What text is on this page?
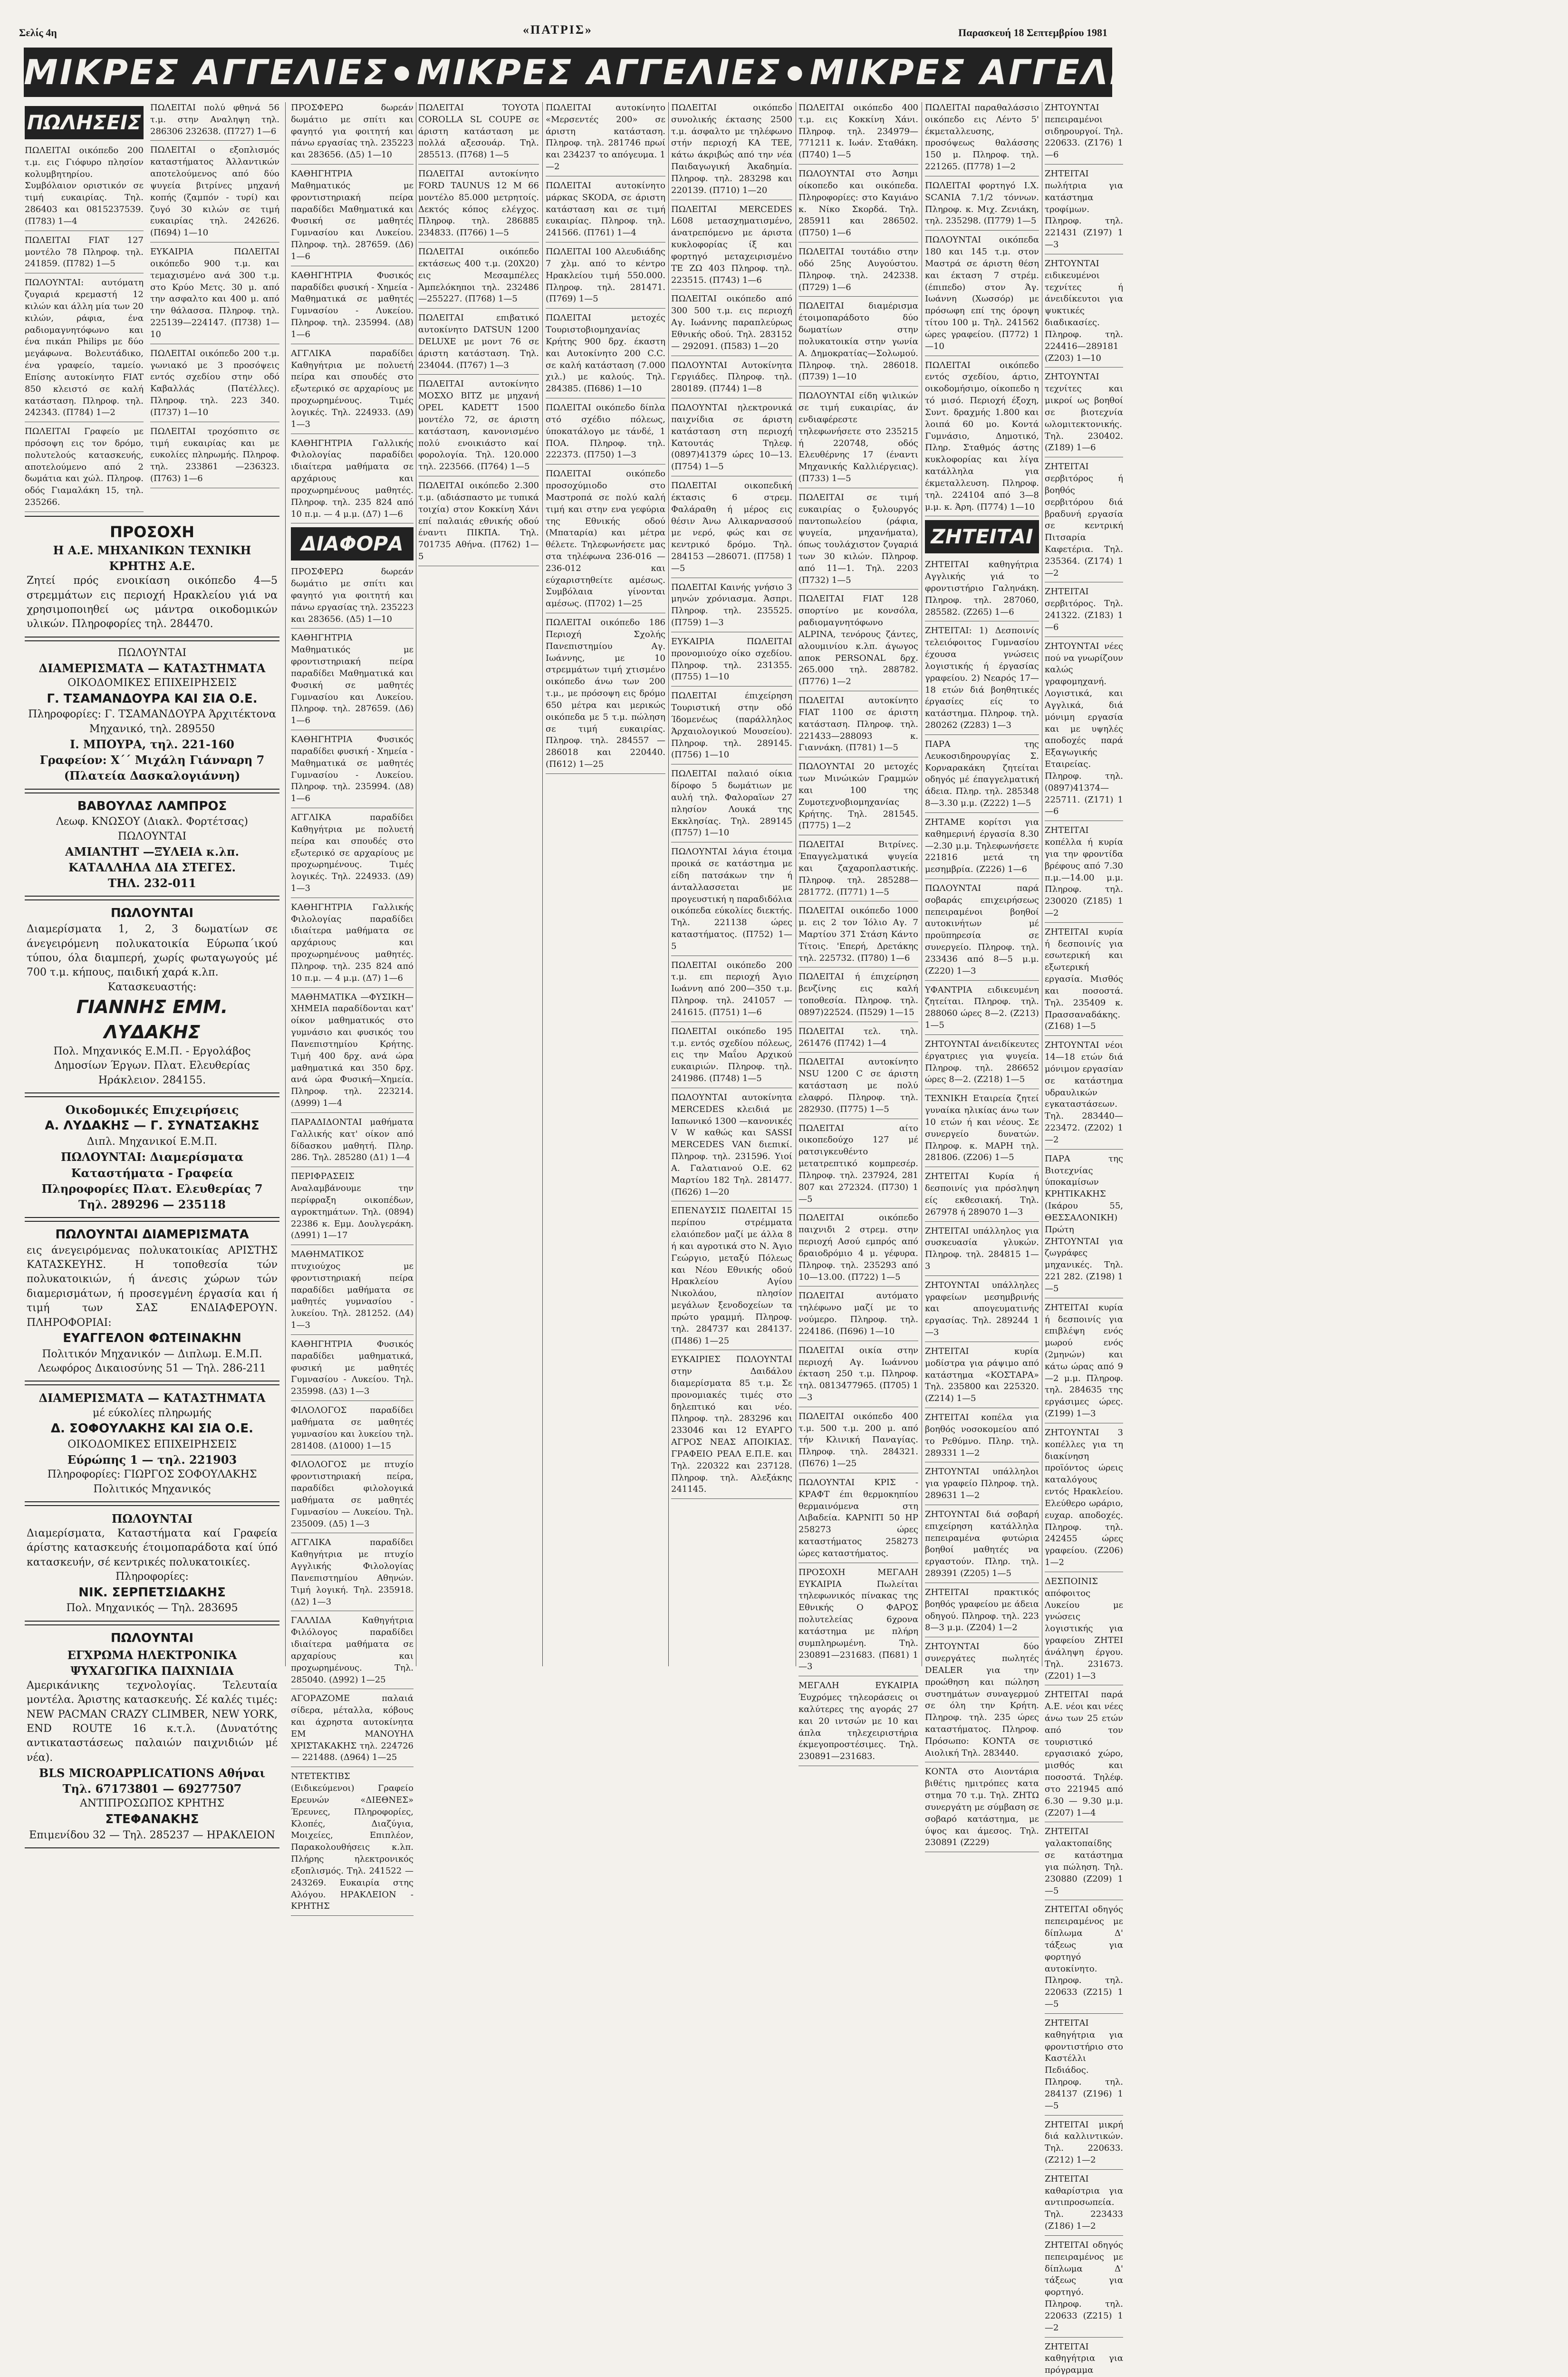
Σελίς 4η	«ΠΑΤΡΙΣ»	Παρασκευή 18 Σεπτεμβρίου 1981
ΜΙΚΡΕΣ ΑΓΓΕΛΙΕΣ ● ΜΙΚΡΕΣ ΑΓΓΕΛΙΕΣ ● ΜΙΚΡΕΣ ΑΓΓΕΛΙΕΣ ● ΜΙΚΡΕΣ ΑΓΓΕΛΙΕΣ
ΠΩΛΗΣΕΙΣ

ΠΩΛΕΙΤΑΙ οικόπεδο 200 τ.μ. εις Γιόφυρο πλησίον κολυμβητηρίου. Συμβόλαιον οριστικόν σε τιμή ευκαιρίας. Τηλ. 286403 και 0815237539. (Π783) 1—4

ΠΩΛΕΙΤΑΙ FIAT 127 μοντέλο 78 Πληροφ. τηλ. 241859. (Π782) 1—5

ΠΩΛΟΥΝΤΑΙ: αυτόματη ζυγαριά κρεμαστή 12 κιλών και άλλη μία των 20 κιλών, ράφια, ένα ραδιομαγνητόφωνο και ένα πικάπ Philips με δύο μεγάφωνα. Βολευτάδικο, ένα γραφείο, ταμείο. Επίσης αυτοκίνητο FIAT 850 κλειστό σε καλή κατάσταση. Πληροφ. τηλ. 242343. (Π784) 1—2

ΠΩΛΕΙΤΑΙ Γραφείο με πρόσοψη εις τον δρόμο, πολυτελούς κατασκευής, αποτελούμενο από 2 δωμάτια και χώλ. Πληροφ. οδός Γιαμαλάκη 15, τηλ. 235266.

ΠΩΛΕΙΤΑΙ πολύ φθηνά 56 τ.μ. στην Αναληψη τηλ. 286306 232638. (Π727) 1—6

ΠΩΛΕΙΤΑΙ ο εξοπλισμός καταστήματος Άλλαντικών αποτελούμενος από δύο ψυγεία βιτρίνες μηχανή κοπής (ζαμπόν - τυρί) και ζυγό 30 κιλών σε τιμή ευκαιρίας τηλ. 242626. (Π694) 1—10

ΕΥΚΑΙΡΙΑ ΠΩΛΕΙΤΑΙ οικόπεδο 900 τ.μ. και τεμαχισμένο ανά 300 τ.μ. στο Κρύο Μετς. 30 μ. από την ασφαλτο και 400 μ. από την θάλασσα. Πληροφ. τηλ. 225139—224147. (Π738) 1—10

ΠΩΛΕΙΤΑΙ οικόπεδο 200 τ.μ. γωνιακό με 3 προσόψεις εντός σχεδίου στην οδό Καβαλλάς (Πατέλλες). Πληροφ. τηλ. 223 340. (Π737) 1—10

ΠΩΛΕΙΤΑΙ τροχόσπιτο σε τιμή ευκαιρίας και με ευκολίες πληρωμής. Πληροφ. τηλ. 233861 —236323. (Π763) 1—6

ΠΡΟΣΟΧΗ
Η Α.Ε. ΜΗΧΑΝΙΚΩΝ ΤΕΧΝΙΚΗ ΚΡΗΤΗΣ Α.Ε.
Ζητεί πρός ενοικίαση οικόπεδο 4—5 στρεμμάτων εις περιοχή Ηρακλείου γιά να χρησιμοποιηθεί ως μάντρα οικοδομικών υλικών. Πληροφορίες τηλ. 284470.
ΠΩΛΟΥΝΤΑΙ
ΔΙΑΜΕΡΙΣΜΑΤΑ — ΚΑΤΑΣΤΗΜΑΤΑ
ΟΙΚΟΔΟΜΙΚΕΣ ΕΠΙΧΕΙΡΗΣΕΙΣ
Γ. ΤΣΑΜΑΝΔΟΥΡΑ ΚΑΙ ΣΙΑ Ο.Ε.
Πληροφορίες: Γ. ΤΣΑΜΑΝΔΟΥΡΑ Άρχιτέκτονα Μηχανικό, τηλ. 289550
Ι. ΜΠΟΥΡΑ, τηλ. 221-160
Γραφείον: Χ΄΄ Μιχάλη Γιάνναρη 7 (Πλατεία Δασκαλογιάννη)
ΒΑΒΟΥΛΑΣ ΛΑΜΠΡΟΣ
Λεωφ. ΚΝΩΣΟΥ (Διακλ. Φορτέτσας)
ΠΩΛΟΥΝΤΑΙ
ΑΜΙΑΝΤΗΤ —ΞΥΛΕΙΑ κ.λπ.
ΚΑΤΑΛΛΗΛΑ ΔΙΑ ΣΤΕΓΕΣ.
ΤΗΛ. 232-011
ΠΩΛΟΥΝΤΑΙ
Διαμερίσματα 1, 2, 3 δωματίων σε άνεγειρόμενη πολυκατοικία Εύρωπα΄ικού τύπου, όλα διαμπερή, χωρίς φωταγωγούς μέ 700 τ.μ. κήπους, παιδική χαρά κ.λπ.
Κατασκευαστής:
ΓΙΑΝΝΗΣ ΕΜΜ. ΛΥΔΑΚΗΣ
Πολ. Μηχανικός Ε.Μ.Π. - Εργολάβος Δημοσίων Έργων. Πλατ. Ελευθερίας Ηράκλειον. 284155.
Οικοδομικές Επιχειρήσεις
Α. ΛΥΔΑΚΗΣ — Γ. ΣΥΝΑΤΣΑΚΗΣ
Διπλ. Μηχανικοί Ε.Μ.Π.
ΠΩΛΟΥΝΤΑΙ: Διαμερίσματα
Καταστήματα - Γραφεία
Πληροφορίες Πλατ. Ελευθερίας 7
Τηλ. 289296 — 235118
ΠΩΛΟΥΝΤΑΙ ΔΙΑΜΕΡΙΣΜΑΤΑ
εις άνεγειρόμενας πολυκατοικίας ΑΡΙΣΤΗΣ ΚΑΤΑΣΚΕΥΗΣ. Η τοποθεσία τών πολυκατοικιών, ή άνεσις χώρων τών διαμερισμάτων, ή προσεγμένη έργασία και ή τιμή των ΣΑΣ ΕΝΔΙΑΦΕΡΟΥΝ. ΠΛΗΡΟΦΟΡΙΑΙ:
ΕΥΑΓΓΕΛΟΝ ΦΩΤΕΙΝΑΚΗΝ
Πολιτικόν Μηχανικόν — Διπλωμ. Ε.Μ.Π. Λεωφόρος Δικαιοσύνης 51 — Τηλ. 286-211
ΔΙΑΜΕΡΙΣΜΑΤΑ — ΚΑΤΑΣΤΗΜΑΤΑ
μέ εύκολίες πληρωμής
Δ. ΣΟΦΟΥΛΑΚΗΣ ΚΑΙ ΣΙΑ Ο.Ε.
ΟΙΚΟΔΟΜΙΚΕΣ ΕΠΙΧΕΙΡΗΣΕΙΣ
Εύρώπης 1 — τηλ. 221903
Πληροφορίες: ΓΙΩΡΓΟΣ ΣΟΦΟΥΛΑΚΗΣ Πολιτικός Μηχανικός
ΠΩΛΟΥΝΤΑΙ
Διαμερίσματα, Καταστήματα καί Γραφεία άρίστης κατασκευής έτοιμοπαράδοτα καί ύπό κατασκευήν, σέ κεντρικές πολυκατοικίες.
Πληροφορίες:
ΝΙΚ. ΣΕΡΠΕΤΣΙΔΑΚΗΣ
Πολ. Μηχανικός — Τηλ. 283695
ΠΩΛΟΥΝΤΑΙ
ΕΓΧΡΩΜΑ ΗΛΕΚΤΡΟΝΙΚΑ ΨΥΧΑΓΩΓΙΚΑ ΠΑΙΧΝΙΔΙΑ
Αμερικάνικης τεχνολογίας. Τελευταία μοντέλα. Άριστης κατασκευής. Σέ καλές τιμές: NEW PACMAN CRAZY CLIMBER, NEW YORK, END ROUTE 16 κ.τ.λ. (Δυνατότης αντικαταστάσεως παλαιών παιχνιδιών μέ νέα).
BLS MICROAPPLICATIONS Αθήναι Τηλ. 67173801 — 69277507
ΑΝΤΙΠΡΟΣΩΠΟΣ ΚΡΗΤΗΣ
ΣΤΕΦΑΝΑΚΗΣ
Επιμενίδου 32 — Τηλ. 285237 — ΗΡΑΚΛΕΙΟΝ

ΠΡΟΣΦΕΡΩ δωρεάν δωμάτιο με σπίτι και φαγητό για φοιτητή και πάνω εργασίας τηλ. 235223 και 283656. (Δ5) 1—10

ΚΑΘΗΓΗΤΡΙΑ Μαθηματικός με φροντιστηριακή πείρα παραδίδει Μαθηματικά και Φυσική σε μαθητές Γυμνασίου και Λυκείου. Πληροφ. τηλ. 287659. (Δ6) 1—6

ΚΑΘΗΓΗΤΡΙΑ Φυσικός παραδίδει φυσική - Χημεία - Μαθηματικά σε μαθητές Γυμνασίου - Λυκείου. Πληροφ. τηλ. 235994. (Δ8) 1—6

ΑΓΓΛΙΚΑ παραδίδει Καθηγήτρια με πολυετή πείρα και σπουδές στο εξωτερικό σε αρχαρίους με προχωρημένους. Τιμές λογικές. Τηλ. 224933. (Δ9) 1—3

ΚΑΘΗΓΗΤΡΙΑ Γαλλικής Φιλολογίας παραδίδει ιδιαίτερα μαθήματα σε αρχάριους και προχωρημένους μαθητές. Πληροφ. τηλ. 235 824 από 10 π.μ. — 4 μ.μ. (Δ7) 1—6

ΔΙΑΦΟΡΑ

ΠΡΟΣΦΕΡΩ δωρεάν δωμάτιο με σπίτι και φαγητό για φοιτητή και πάνω εργασίας τηλ. 235223 και 283656. (Δ5) 1—10

ΚΑΘΗΓΗΤΡΙΑ Μαθηματικός με φροντιστηριακή πείρα παραδίδει Μαθηματικά και Φυσική σε μαθητές Γυμνασίου και Λυκείου. Πληροφ. τηλ. 287659. (Δ6) 1—6

ΚΑΘΗΓΗΤΡΙΑ Φυσικός παραδίδει φυσική - Χημεία - Μαθηματικά σε μαθητές Γυμνασίου - Λυκείου. Πληροφ. τηλ. 235994. (Δ8) 1—6

ΑΓΓΛΙΚΑ παραδίδει Καθηγήτρια με πολυετή πείρα και σπουδές στο εξωτερικό σε αρχαρίους με προχωρημένους. Τιμές λογικές. Τηλ. 224933. (Δ9) 1—3

ΚΑΘΗΓΗΤΡΙΑ Γαλλικής Φιλολογίας παραδίδει ιδιαίτερα μαθήματα σε αρχάριους και προχωρημένους μαθητές. Πληροφ. τηλ. 235 824 από 10 π.μ. — 4 μ.μ. (Δ7) 1—6

ΜΑΘΗΜΑΤΙΚΑ —ΦΥΣΙΚΗ—ΧΗΜΕΙΑ παραδίδονται κατ' οίκον μαθηματικός στο γυμνάσιο και φυσικός του Πανεπιστημίου Κρήτης. Τιμή 400 δρχ. ανά ώρα μαθηματικά και 350 δρχ. ανά ώρα Φυσική—Χημεία. Πληροφ. τηλ. 223214. (Δ999) 1—4

ΠΑΡΑΔΙΔΟΝΤΑΙ μαθήματα Γαλλικής κατ' οίκον από δίδασκου μαθητή. Πληρ. 286. Τηλ. 285280 (Δ1) 1—4

ΠΕΡΙΦΡΑΣΕΙΣ Αναλαμβάνουμε την περίφραξη οικοπέδων, αγροκτημάτων. Τηλ. (0894) 22386 κ. Εμμ. Δουλγεράκη. (Δ991) 1—17

ΜΑΘΗΜΑΤΙΚΟΣ πτυχιούχος με φροντιστηριακή πείρα παραδίδει μαθήματα σε μαθητές γυμνασίου - λυκείου. Τηλ. 281252. (Δ4) 1—3

ΚΑΘΗΓΗΤΡΙΑ Φυσικός παραδίδει μαθηματικά, φυσική με μαθητές Γυμνασίου - Λυκείου. Τηλ. 235998. (Δ3) 1—3

ΦΙΛΟΛΟΓΟΣ παραδίδει μαθήματα σε μαθητές γυμνασίου και λυκείου τηλ. 281408. (Δ1000) 1—15

ΦΙΛΟΛΟΓΟΣ με πτυχίο φροντιστηριακή πείρα, παραδίδει φιλολογικά μαθήματα σε μαθητές Γυμνασίου — Λυκείου. Τηλ. 235009. (Δ5) 1—3

ΑΓΓΛΙΚΑ παραδίδει Καθηγήτρια με πτυχίο Αγγλικής Φιλολογίας Πανεπιστημίου Αθηνών. Τιμή λογική. Τηλ. 235918. (Δ2) 1—3

ΓΑΛΛΙΔΑ Καθηγήτρια Φιλόλογος παραδίδει ιδιαίτερα μαθήματα σε αρχαρίους και προχωρημένους. Τηλ. 285040. (Δ992) 1—25

ΑΓΟΡΑΖΟΜΕ παλαιά σίδερα, μέταλλα, κόβους και άχρηστα αυτοκίνητα ΕΜ ΜΑΝΟΥΗΛ ΧΡΙΣΤΑΚΑΚΗΣ τηλ. 224726 — 221488. (Δ964) 1—25

ΝΤΕΤΕΚΤΙΒΣ (Ειδικεύμενοι) Γραφείο Ερευνών «ΔΙΕΘΝΕΣ» Έρευνες, Πληροφορίες, Κλοπές, Διαζύγια, Μοιχείες, Επιπλέον, Παρακολουθήσεις κ.λπ. Πλήρης ηλεκτρονικός εξοπλισμός. Τηλ. 241522 — 243269. Ευκαιρία στης Αλόγου. ΗΡΑΚΛΕΙΟΝ - ΚΡΗΤΗΣ

ΠΩΛΕΙΤΑΙ TOYOTA COROLLA SL COUPE σε άριστη κατάσταση με πολλά αξεσουάρ. Τηλ. 285513. (Π768) 1—5

ΠΩΛΕΙΤΑΙ αυτοκίνητο FORD TAUNUS 12 Μ 66 μοντέλο 85.000 μετρητοίς. Δεκτός κόπος ελέγχος. Πληροφ. τηλ. 286885 234833. (Π766) 1—5

ΠΩΛΕΙΤΑΙ οικόπεδο εκτάσεως 400 τ.μ. (20Χ20) εις Μεσαμπέλες Άμπελόκηποι τηλ. 232486 —255227. (Π768) 1—5

ΠΩΛΕΙΤΑΙ επιβατικό αυτοκίνητο DATSUN 1200 DELUXE με μοντ 76 σε άριστη κατάσταση. Τηλ. 234044. (Π767) 1—3

ΠΩΛΕΙΤΑΙ αυτοκίνητο ΜΟΣΧΟ BITZ με μηχανή OPEL KADETT 1500 μοντέλο 72, σε άριστη κατάσταση, κανονισμένο πολύ ενοικιάστο καί φορολογία. Τηλ. 120.000 τηλ. 223566. (Π764) 1—5

ΠΩΛΕΙΤΑΙ οικόπεδο 2.300 τ.μ. (αδιάσπαστο με τυπικά τοιχία) στον Κοκκίνη Χάνι επί παλαιάς εθνικής οδού έναντι ΠΙΚΠΑ. Τηλ. 701735 Αθήνα. (Π762) 1—5

ΠΩΛΕΙΤΑΙ αυτοκίνητο «Μερσεντές 200» σε άριστη κατάσταση. Πληροφ. τηλ. 281746 πρωί και 234237 το απόγευμα. 1—2

ΠΩΛΕΙΤΑΙ αυτοκίνητο μάρκας SKODA, σε άριστη κατάσταση και σε τιμή ευκαιρίας. Πληροφ. τηλ. 241566. (Π761) 1—4

ΠΩΛΕΙΤΑΙ 100 Αλευδιάδης 7 χλμ. από το κέντρο Ηρακλείου τιμή 550.000. Πληροφ. τηλ. 281471. (Π769) 1—5

ΠΩΛΕΙΤΑΙ μετοχές Τουριστοβιομηχανίας Κρήτης 900 δρχ. έκαστη και Αυτοκίνητο 200 C.C. σε καλή κατάσταση (7.000 χιλ.) με καλούς. Τηλ. 284385. (Π686) 1—10

ΠΩΛΕΙΤΑΙ οικόπεδο δίπλα στό σχέδιο πόλεως, ύποκατάλογο με τάνδέ, 1 ΠΟΑ. Πληροφ. τηλ. 222373. (Π750) 1—3

ΠΩΛΕΙΤΑΙ οικόπεδο προσοχύμιοδο στο Μαστροπά σε πολύ καλή τιμή και στην ενα γεφύρια της Εθνικής οδού (Μπαταρία) και μέτρα θέλετε. Τηλεφωνήσετε μας στα τηλέφωνα 236-016 — 236-012 και εύχαριστηθείτε αμέσως. Συμβόλαια γίνονται αμέσως. (Π702) 1—25

ΠΩΛΕΙΤΑΙ οικόπεδο 186 Περιοχή Σχολής Πανεπιστημίου Αγ. Ιωάννης, με 10 στρεμμάτων τιμή χτισμένο οικόπεδο άνω των 200 τ.μ., με πρόσοψη εις δρόμο 650 μέτρα και μερικώς οικόπεδα με 5 τ.μ. πώληση σε τιμή ευκαιρίας. Πληροφ. τηλ. 284557 —286018 και 220440. (Π612) 1—25

ΠΩΛΕΙΤΑΙ οικόπεδο συνολικής έκτασης 2500 τ.μ. άσφαλτο με τηλέφωνο στήν περιοχή ΚΑ ΤΕΕ, κάτω άκριβώς από την νέα Παιδαγωγική Άκαδημία. Πληροφ. τηλ. 283298 και 220139. (Π710) 1—20

ΠΩΛΕΙΤΑΙ MERCEDES L608 μετασχηματισμένο, άνατρεπόμενο με άριστα κυκλοφορίας ίξ και φορτηγό μεταχειρισμένο ΤΕ ΖΩ 403 Πληροφ. τηλ. 223515. (Π743) 1—6

ΠΩΛΕΙΤΑΙ οικόπεδο από 300 500 τ.μ. εις περιοχή Αγ. Ιωάννης παραπλεύρως Εθνικής οδού. Τηλ. 283152 — 292091. (Π583) 1—20

ΠΩΛΟΥΝΤΑΙ Αυτοκίνητα Γεργιάδες. Πληροφ. τηλ. 280189. (Π744) 1—8

ΠΩΛΟΥΝΤΑΙ ηλεκτρονικά παιχνίδια σε άριστη κατάσταση στη περιοχή Κατουτάς Τηλεφ. (0897)41379 ώρες 10—13. (Π754) 1—5

ΠΩΛΕΙΤΑΙ οικοπεδική έκτασις 6 στρεμ. Φαλάραθη ή μέρος εις θέσιν Άνω Αλικαρνασσού με νερό, φώς και σε κεντρικό δρόμο. Τηλ. 284153 —286071. (Π758) 1—5

ΠΩΛΕΙΤΑΙ Καινής γνήσιο 3 μηνών χρόνιασμα. Άσπρι. Πληροφ. τηλ. 235525. (Π759) 1—3

ΕΥΚΑΙΡΙΑ ΠΩΛΕΙΤΑΙ προνομιούχο οίκο σχεδίου. Πληροφ. τηλ. 231355. (Π755) 1—10

ΠΩΛΕΙΤΑΙ έπιχείρηση Τουριστική στην οδό Ίδομενέως (παράλληλος Άρχαιολογικού Μουσείου). Πληροφ. τηλ. 289145. (Π756) 1—10

ΠΩΛΕΙΤΑΙ παλαιό οίκια δίροφο 5 δωμάτιων με αυλή τηλ. Φαλοραϊων 27 πλησίον Λουκά της Εκκλησίας. Τηλ. 289145 (Π757) 1—10

ΠΩΛΟΥΝΤΑΙ λάγια έτοιμα προικά σε κατάστημα με είδη πατσάκων την ή άνταλλασσεται με προγευστική η παραδιδόλια οικόπεδα εύκολίες διεκτής. Τηλ. 221138 ώρες καταστήματος. (Π752) 1—5

ΠΩΛΕΙΤΑΙ οικόπεδο 200 τ.μ. επι περιοχή Άγιο Ιωάννη από 200—350 τ.μ. Πληροφ. τηλ. 241057 —241615. (Π751) 1—6

ΠΩΛΕΙΤΑΙ οικόπεδο 195 τ.μ. εντός σχεδίου πόλεως, εις την Μαΐου Αρχικού ευκαιριών. Πληροφ. τηλ. 241986. (Π748) 1—5

ΠΩΛΟΥΝΤΑΙ αυτοκίνητα MERCEDES κλειδιά με Ιαπωνικό 1300 —κανονικές V W καθώς και SASSI MERCEDES VAN διεπικί. Πληροφ. τηλ. 231596. Υιοί Α. Γαλατιανού Ο.Ε. 62 Μαρτίου 182 Τηλ. 281477. (Π626) 1—20

ΕΠΕΝΔΥΣΙΣ ΠΩΛΕΙΤΑΙ 15 περίπου στρέμματα ελαιόπεδον μαζί με άλλα 8 ή και αγροτικά στο Ν. Άγιο Γεώργιο, μεταξύ Πόλεως και Νέου Εθνικής οδού Ηρακλείου Αγίου Νικολάου, πλησίον μεγάλων ξενοδοχείων τα πρώτο γραμμή. Πληροφ. τηλ. 284737 και 284137. (Π486) 1—25

ΕΥΚΑΙΡΙΕΣ ΠΩΛΟΥΝΤΑΙ στην Δαιδάλου διαμερίσματα 85 τ.μ. Σε προνομιακές τιμές στο δηλεπτικό και νέο. Πληροφ. τηλ. 283296 και 233046 και 12 ΕΥΑΡΓΟ ΑΓΡΟΣ ΝΕΑΣ ΑΠΟΙΚΙΑΣ. ΓΡΑΦΕΙΟ ΡΕΑΛ Ε.Π.Ε. και Τηλ. 220322 και 237128. Πληροφ. τηλ. Αλεξάκης 241145.

ΠΩΛΕΙΤΑΙ οικόπεδο 400 τ.μ. εις Κοκκίνη Χάνι. Πληροφ. τηλ. 234979—771211 κ. Ιωάν. Σταθάκη. (Π740) 1—5

ΠΩΛΟΥΝΤΑΙ στο Άσημι οίκοπεδο και οικόπεδα. Πληροφορίες: στο Καγιάνο κ. Νίκο Σκορδά. Τηλ. 285911 και 286502. (Π750) 1—6

ΠΩΛΕΙΤΑΙ τουτάδιο στην οδό 25ης Αυγούστου. Πληροφ. τηλ. 242338. (Π729) 1—6

ΠΩΛΕΙΤΑΙ διαμέρισμα έτοιμοπαράδοτο δύο δωματίων στην πολυκατοικία στην γωνία Α. Δημοκρατίας—Σολωμού. Πληροφ. τηλ. 286018. (Π739) 1—10

ΠΩΛΟΥΝΤΑΙ είδη ψιλικών σε τιμή ευκαιρίας, άν ενδιαφέρεστε τηλεφωνήσετε στο 235215 ή 220748, οδός Ελευθέρνης 17 (έναντι Μηχανικής Καλλιέργειας). (Π733) 1—5

ΠΩΛΕΙΤΑΙ σε τιμή ευκαιρίας ο ξυλουργός παντοπωλείου (ράφια, ψυγεία, μηχανήματα), όπως τουλάχιστον ζυγαριά των 30 κιλών. Πληροφ. από 11—1. Τηλ. 2203 (Π732) 1—5

ΠΩΛΕΙΤΑΙ FIAT 128 σπορτίνο με κονσόλα, ραδιομαγνητόφωνο ALPINA, τενόρους ζάντες, αλουμινίου κ.λπ. άγωγος αποκ PERSONAL δρχ. 265.000 τηλ. 288782. (Π776) 1—2

ΠΩΛΕΙΤΑΙ αυτοκίνητο FIAT 1100 σε άριστη κατάσταση. Πληροφ. τηλ. 221433—288093 κ. Γιαννάκη. (Π781) 1—5

ΠΩΛΟΥΝΤΑΙ 20 μετοχές των Μινώικών Γραμμών και 100 της Ζυμοτεχνοβιομηχανίας Κρήτης. Τηλ. 281545. (Π775) 1—2

ΠΩΛΕΙΤΑΙ Βιτρίνες. Έπαγγελματικά ψυγεία και ζαχαροπλαστικής. Πληροφ. τηλ. 285288—281772. (Π771) 1—5

ΠΩΛΕΙΤΑΙ οικόπεδο 1000 μ. εις 2 τον Ίόλιο Αγ. 7 Μαρτίου 371 Στάση Κάντο Τίτοις. 'Επερή, Δρετάκης τηλ. 225732. (Π780) 1—6

ΠΩΛΕΙΤΑΙ ή έπιχείρηση βενζίνης εις καλή τοποθεσία. Πληροφ. τηλ. 0897)22524. (Π529) 1—15

ΠΩΛΕΙΤΑΙ τελ. τηλ. 261476 (Π742) 1—4

ΠΩΛΕΙΤΑΙ αυτοκίνητο NSU 1200 C σε άριστη κατάσταση με πολύ ελαφρό. Πληροφ. τηλ. 282930. (Π775) 1—5

ΠΩΛΕΙΤΑΙ αίτο οικοπεδούχο 127 μέ ρατσιγκευθέντο μετατρεπτικό κομπρεσέρ. Πληροφ. τηλ. 237924, 281 807 και 272324. (Π730) 1—5

ΠΩΛΕΙΤΑΙ οικόπεδο παιχνιδι 2 στρεμ. στην περιοχή Ασού εμπρός από δραιοδρόμιο 4 μ. γέφυρα. Πληροφ. τηλ. 235293 από 10—13.00. (Π722) 1—5

ΠΩΛΕΙΤΑΙ αυτόματο τηλέφωνο μαζί με το νούμερο. Πληροφ. τηλ. 224186. (Π696) 1—10

ΠΩΛΕΙΤΑΙ οικία στην περιοχή Αγ. Ιωάννου έκταση 250 τ.μ. Πληροφ. τηλ. 0813477965. (Π705) 1—3

ΠΩΛΕΙΤΑΙ οικόπεδο 400 τ.μ. 500 τ.μ. 200 μ. από τήν Κλινική Παναγίας. Πληροφ. τηλ. 284321. (Π676) 1—25

ΠΩΛΟΥΝΤΑΙ ΚΡΙΣ - ΚΡΑΦΤ έπι θερμοκηπίου θερμαινόμενα στη Λιβαδεία. ΚΑΡΝΙΤΙ 50 ΗΡ 258273 ώρες καταστήματος 258273 ώρες καταστήματος.

ΠΡΟΣΟΧΗ ΜΕΓΑΛΗ ΕΥΚΑΙΡΙΑ Πωλείται τηλεφωνικός πίνακας της Εθνικής Ο ΦΑΡΟΣ πολυτελείας 6χρονα κατάστημα με πλήρη συμπληρωμένη. Τηλ. 230891—231683. (Π681) 1—3

ΜΕΓΑΛΗ ΕΥΚΑΙΡΙΑ Έυχρόμες τηλεοράσεις οι καλύτερες της αγοράς 27 και 20 ιντσών με 10 και άπλα τηλεχειριστήρια έκμεγοπροστέσιμες. Τηλ. 230891—231683.

ΠΩΛΕΙΤΑΙ παραθαλάσσιο οικόπεδο εις Λέντο 5' έκμεταλλευσης, προσόψεως θαλάσσης 150 μ. Πληροφ. τηλ. 221265. (Π778) 1—2

ΠΩΛΕΙΤΑΙ φορτηγό Ι.Χ. SCANIA 7.1/2 τόννων. Πληροφ. κ. Μιχ. Ζενιάκη, τηλ. 235298. (Π779) 1—5

ΠΩΛΟΥΝΤΑΙ οικόπεδα 180 και 145 τ.μ. στον Μαστρά σε άριστη θέση και έκταση 7 στρέμ. (έπιπεδο) στον Άγ. Ιωάννη (Χωσσόρ) με πρόσωφη επί της όροψη τίτου 100 μ. Τηλ. 241562 ώρες γραφείου. (Π772) 1—10

ΠΩΛΕΙΤΑΙ οικόπεδο εντός σχεδίου, άρτιο, οικοδομήσιμο, οίκοπεδο η τό μισό. Περιοχή έξοχη, Συντ. δραχμής 1.800 και λοιπά 60 μο. Κοντά Γυμνάσιο, Δημοτικό, Πληρ. Σταθμός άστης κυκλοφορίας και λίγα κατάλληλα για έκμεταλλευση. Πληροφ. τηλ. 224104 από 3—8 μ.μ. κ. Άρη. (Π774) 1—10

ΖΗΤΕΙΤΑΙ

ΖΗΤΕΙΤΑΙ καθηγήτρια Αγγλικής γιά το φροντιστήριο Γαληνάκη. Πληροφ. τηλ. 287060, 285582. (Z265) 1—6

ΖΗΤΕΙΤΑΙ: 1) Δεσποινίς τελειόφοιτος Γυμνασίου έχουσα γνώσεις λογιστικής ή έργασίας γραφείου. 2) Νεαρός 17—18 ετών διά βοηθητικές έργασίες είς το κατάστημα. Πληροφ. τηλ. 280262 (Z283) 1—3

ΠΑΡΑ της Λευκοσιδηρουργίας Σ. Κορναρακάκη ζητείται οδηγός μέ έπαγγελματική άδεια. Πληρ. τηλ. 285348 8—3.30 μ.μ. (Z222) 1—5

ΖΗΤΑΜΕ κορίτσι για καθημερινή έργασία 8.30—2.30 μ.μ. Τηλεφωνήσετε 221816 μετά τη μεσημβρία. (Z226) 1—6

ΠΩΛΟΥΝΤΑΙ παρά σοβαράς επιχειρήσεως πεπειραμένοι βοηθοί αυτοκινήτων μέ προϋπηρεσία σε συνεργείο. Πληροφ. τηλ. 233436 από 8—5 μ.μ. (Z220) 1—3

ΥΦΑΝΤΡΙΑ ειδικευμένη ζητείται. Πληροφ. τηλ. 288060 ώρες 8—2. (Z213) 1—5

ΖΗΤΟΥΝΤΑΙ άνειδίκευτες έργατριες για ψυγεία. Πληροφ. τηλ. 286652 ώρες 8—2. (Z218) 1—5

ΤΕΧΝΙΚΗ Εταιρεία ζητεί γυναίκα ηλικίας άνω των 10 ετών ή και νέους. Σε συνεργείο δυνατών. Πληροφ. κ. ΜΑΡΗ τηλ. 281806. (Z206) 1—5

ΖΗΤΕΙΤΑΙ Κυρία ή δεσποινίς για πρόσληψη είς εκθεσιακή. Τηλ. 267978 ή 289070 1—3

ΖΗΤΕΙΤΑΙ υπάλληλος για συσκευασία γλυκών. Πληροφ. τηλ. 284815 1—3

ΖΗΤΟΥΝΤΑΙ υπάλληλες γραφείων μεσημβρινής και απογευματινής εργασίας. Τηλ. 289244 1—3

ΖΗΤΕΙΤΑΙ κυρία μοδίστρα για ράψιμο από κατάστημα «ΚΟΣΤΑΡΑ» Τηλ. 235800 και 225320. (Z214) 1—5

ΖΗΤΕΙΤΑΙ κοπέλα για βοηθός νοσοκομείου από το Ρεθύμνο. Πληρ. τηλ. 289331 1—2

ΖΗΤΟΥΝΤΑΙ υπάλληλοι για γραφείο Πληροφ. τηλ. 289631 1—2

ΖΗΤΟΥΝΤΑΙ διά σοβαρή επιχείρηση κατάλληλα πεπειραμένα φυτώρια βοηθοί μαθητές να εργαστούν. Πληρ. τηλ. 289391 (Z205) 1—5

ΖΗΤΕΙΤΑΙ πρακτικός βοηθός γραφείου με άδεια οδηγού. Πληροφ. τηλ. 223 8—3 μ.μ. (Z204) 1—2

ΖΗΤΟΥΝΤΑΙ δύο συνεργάτες πωλητές DEALER για την προώθηση και πώληση συστημάτων συναγερμού σε όλη την Κρήτη. Πληροφ. τηλ. 235 ώρες καταστήματος. Πληροφ. Πρόσωπο: ΚΟΝΤΑ σε Αιολική Τηλ. 283440.

ΚΟΝΤΑ στο Αιοντάρια βιθέτις ημιτρόπες κατα στημα 70 τ.μ. Τηλ. ΖΗΤΩ συνεργάτη με σύμβαση σε σοβαρό κατάστημα, με ύψος και άμεσος. Τηλ. 230891 (Z229)

ΖΗΤΟΥΝΤΑΙ πεπειραμένοι σιδηρουργοί. Τηλ. 220633. (Z176) 1—6

ΖΗΤΕΙΤΑΙ πωλήτρια για κατάστημα τροφίμων. Πληροφ. τηλ. 221431 (Z197) 1—3

ΖΗΤΟΥΝΤΑΙ ειδικευμένοι τεχνίτες ή άνειδίκευτοι για ψυκτικές διαδικασίες. Πληροφ. τηλ. 224416—289181 (Z203) 1—10

ΖΗΤΟΥΝΤΑΙ τεχνίτες και μικροί ως βοηθοί σε βιοτεχνία ωλομιτεκτονικής. Τηλ. 230402. (Z189) 1—6

ΖΗΤΕΙΤΑΙ σερβιτόρος ή βοηθός σερβιτόρου διά βραδυνή εργασία σε κεντρική Πιτσαρία Καφετέρια. Τηλ. 235364. (Z174) 1—2

ΖΗΤΕΙΤΑΙ σερβιτόρος. Τηλ. 241322. (Z183) 1—6

ΖΗΤΟΥΝΤΑΙ νέες πού να γνωρίζουν καλώς γραφομηχανή. Λογιστικά, και Αγγλικά, διά μόνιμη εργασία και με υψηλές αποδοχές παρά Εξαγωγικής Εταιρείας. Πληροφ. τηλ. (0897)41374—225711. (Z171) 1—6

ΖΗΤΕΙΤΑΙ κοπέλλα ή κυρία για την φροντίδα βρέφους από 7.30 π.μ.—14.00 μ.μ. Πληροφ. τηλ. 230020 (Z185) 1—2

ΖΗΤΕΙΤΑΙ κυρία ή δεσποινίς για εσωτερική και εξωτερική εργασία. Μισθός και ποσοστά. Τηλ. 235409 κ. Πρασσαναδάκης. (Z168) 1—5

ΖΗΤΟΥΝΤΑΙ νέοι 14—18 ετών διά μόνιμον εργασίαν σε κατάστημα υδραυλικών εγκαταστάσεων. Τηλ. 283440—223472. (Z202) 1—2

ΠΑΡΑ της Βιοτεχνίας ύποκαμίσων ΚΡΗΤΙΚΑΚΗΣ (Ικάρου 55, ΘΕΣΣΑΛΟΝΙΚΗ) Πρώτη ΖΗΤΟΥΝΤΑΙ για ζωγράφες μηχανικές. Τηλ. 221 282. (Z198) 1—5

ΖΗΤΕΙΤΑΙ κυρία ή δεσποινίς για επιβλέψη ενός μωρού ενός (2μηνών) και κάτω ώρας από 9—2 μ.μ. Πληροφ. τηλ. 284635 της εργάσιμες ώρες. (Z199) 1—3

ΖΗΤΟΥΝΤΑΙ 3 κοπέλλες για τη διακίνηση προϊόντος ώρεις καταλόγους εντός Ηρακλείου. Ελεύθερο ωράριο, ευχαρ. αποδοχές. Πληροφ. τηλ. 242455 ώρες γραφείου. (Z206) 1—2

ΔΕΣΠΟΙΝΙΣ απόφοιτος Λυκείου με γνώσεις λογιστικής για γραφείου ΖΗΤΕΙ άνάληψη έργου. Τηλ. 231673. (Z201) 1—3

ΖΗΤΕΙΤΑΙ παρά Α.Ε. νέοι και νέες άνω των 25 ετών από τον τουριστικό εργασιακό χώρο, μισθός και ποσοστά. Τηλέφ. στο 221945 από 6.30 — 9.30 μ.μ. (Z207) 1—4

ΖΗΤΕΙΤΑΙ γαλακτοπαίδης σε κατάστημα για πώληση. Τηλ. 230880 (Z209) 1—5

ΖΗΤΕΙΤΑΙ οδηγός πεπειραμένος με δίπλωμα Δ' τάξεως για φορτηγό αυτοκίνητο. Πληροφ. τηλ. 220633 (Z215) 1—5

ΖΗΤΕΙΤΑΙ καθηγήτρια για φροντιστήριο στο Καστέλλι Πεδιάδος. Πληροφ. τηλ. 284137 (Z196) 1—5

ΖΗΤΕΙΤΑΙ μικρή διά καλλιντικών. Τηλ. 220633. (Z212) 1—2

ΖΗΤΕΙΤΑΙ καθαρίστρια για αντιπροσωπεία. Τηλ. 223433 (Z186) 1—2

ΖΗΤΕΙΤΑΙ οδηγός πεπειραμένος με δίπλωμα Δ' τάξεως για φορτηγό. Πληροφ. τηλ. 220633 (Z215) 1—2

ΖΗΤΕΙΤΑΙ καθηγήτρια για πρόγραμμα
